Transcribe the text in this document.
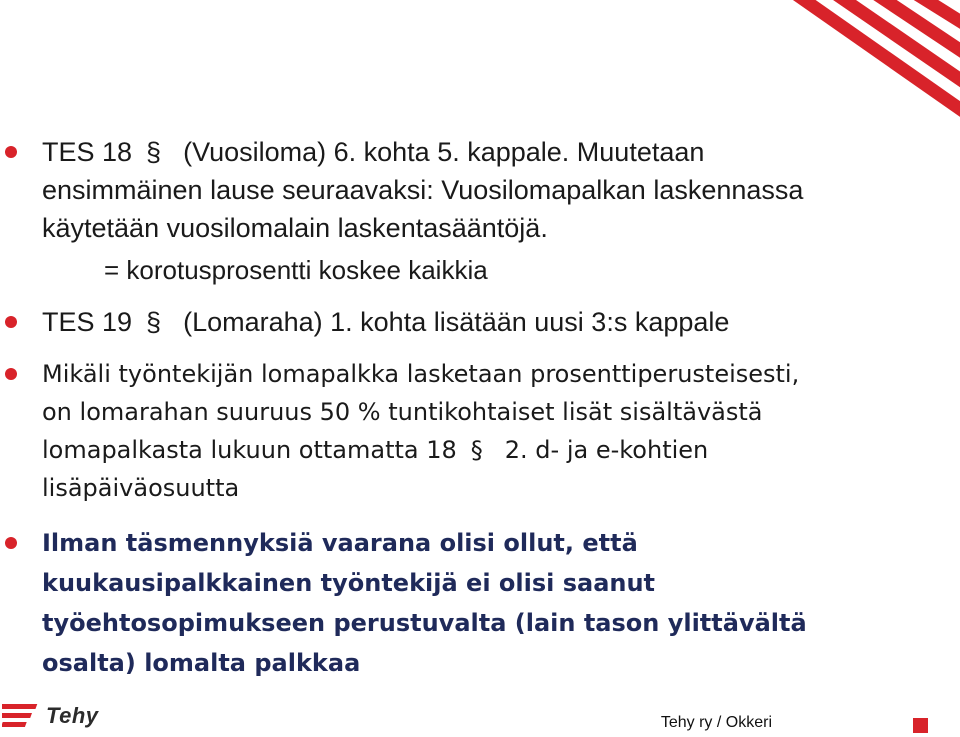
TES 18 § (Vuosiloma) 6. kohta 5. kappale. Muutetaan ensimmäinen lause seuraavaksi: Vuosilomapalkan laskennassa käytetään vuosilomalain laskentasääntöjä.
= korotusprosentti koskee kaikkia
TES 19 § (Lomaraha) 1. kohta lisätään uusi 3:s kappale
Mikäli työntekijän lomapalkka lasketaan prosenttiperusteisesti, on lomarahan suuruus 50 % tuntikohtaiset lisät sisältävästä lomapalkasta lukuun ottamatta 18 § 2. d- ja e-kohtien lisäpäiväosuutta
Ilman täsmennyksiä vaarana olisi ollut, että kuukausipalkkainen työntekijä ei olisi saanut työehtosopimukseen perustuvalta (lain tason ylittävältä osalta) lomalta palkkaa
Tehy	Tehy ry / Okkeri
